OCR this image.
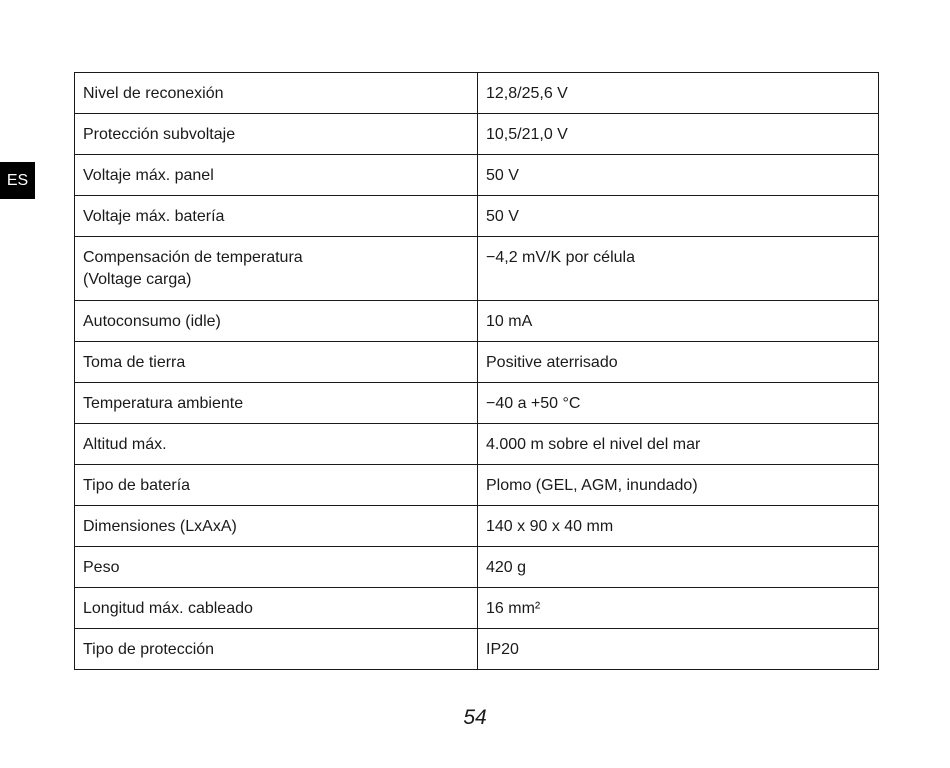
ES
Nivel de reconexión	12,8/25,6 V
Protección subvoltaje	10,5/21,0 V
Voltaje máx. panel	50 V
Voltaje máx. batería	50 V

Compensación de temperatura
(Voltage carga)	−4,2 mV/K por célula
Autoconsumo (idle)	10 mA
Toma de tierra	Positive aterrisado
Temperatura ambiente	−40 a +50 °C
Altitud máx.	4.000 m sobre el nivel del mar
Tipo de batería	Plomo (GEL, AGM, inundado)
Dimensiones (LxAxA)	140 x 90 x 40 mm
Peso	420 g
Longitud máx. cableado	16 mm²
Tipo de protección	IP20
54
